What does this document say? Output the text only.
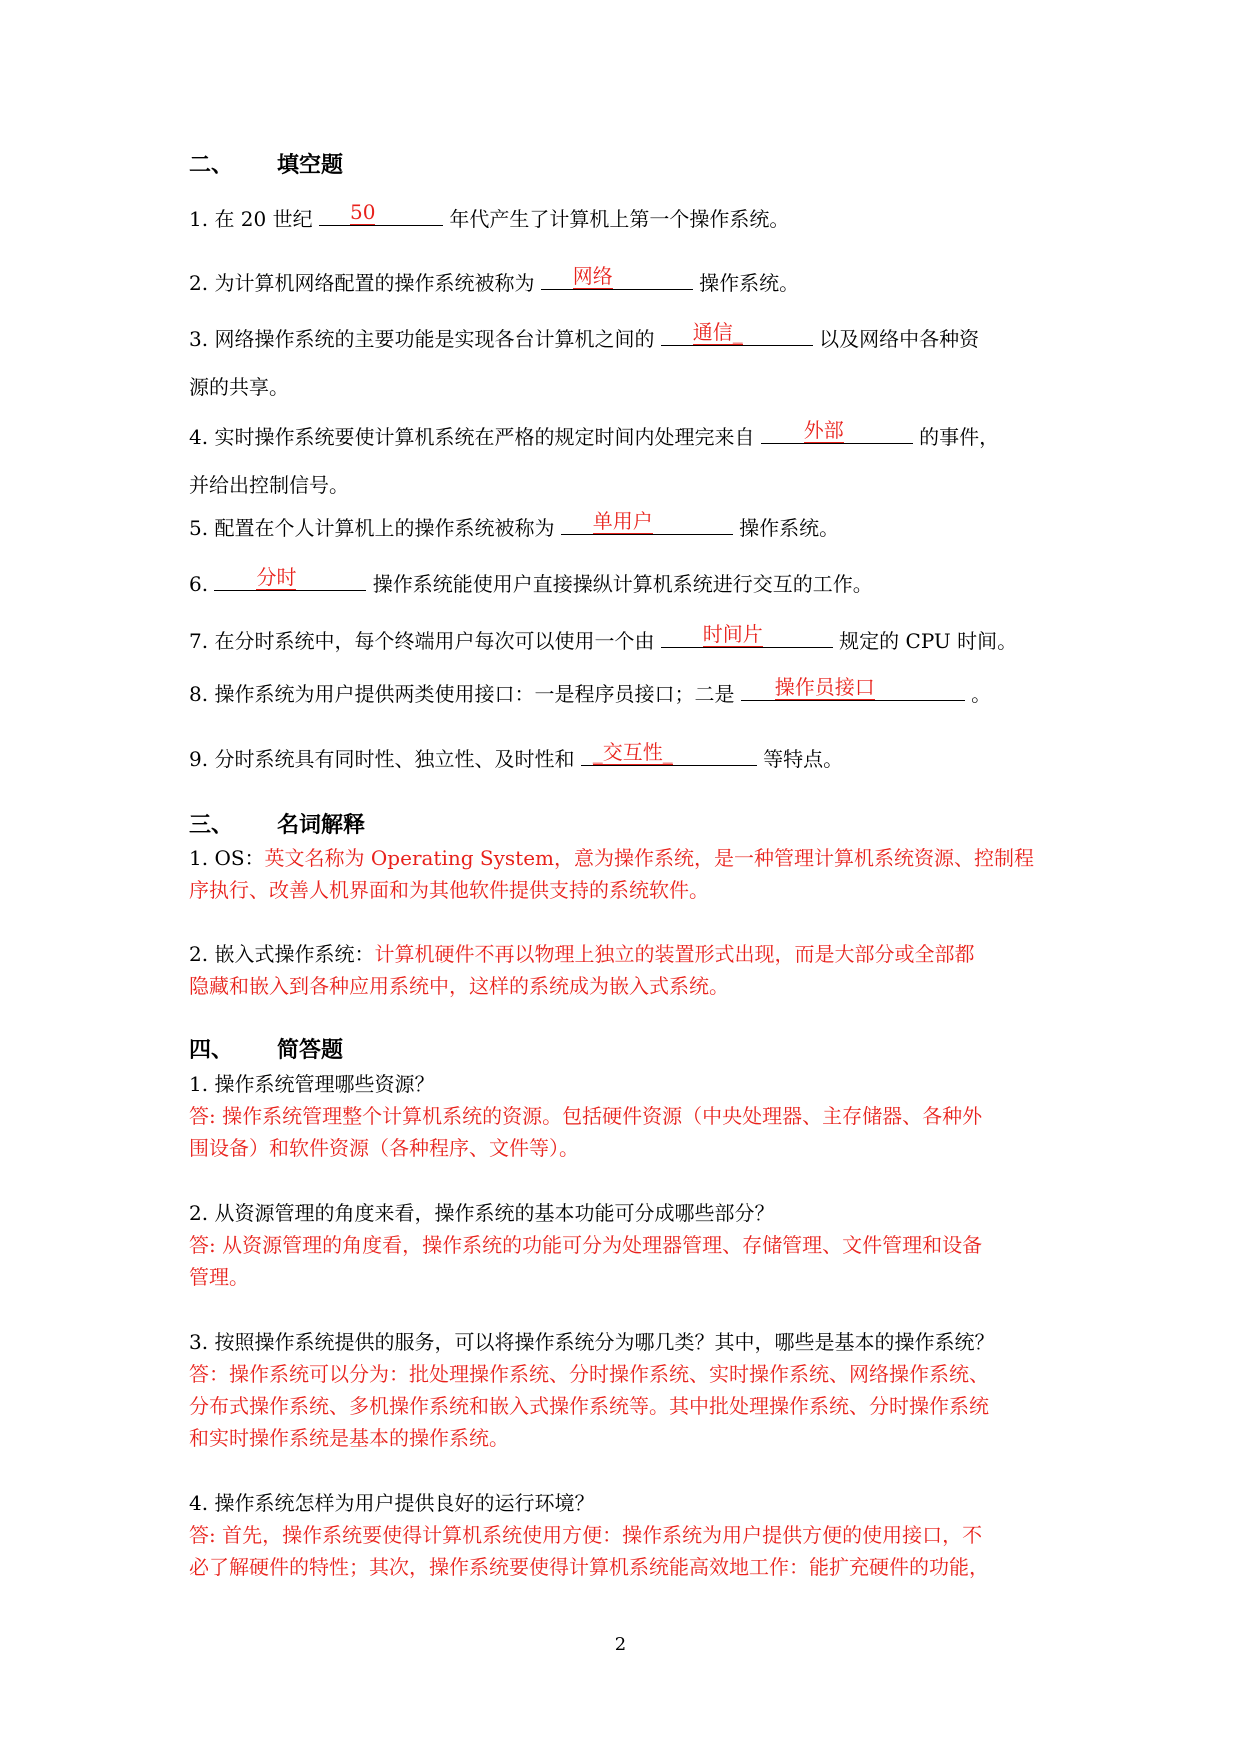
二、 填空题
1. 在 20 世纪 50	年代产生了计算机上第一个操作系统。
2. 为计算机网络配置的操作系统被称为 网络	操作系统。
3. 网络操作系统的主要功能是实现各台计算机之间的 通信_	以及网络中各种资
源的共享。
4. 实时操作系统要使计算机系统在严格的规定时间内处理完来自 外部	的事件，
并给出控制信号。
5. 配置在个人计算机上的操作系统被称为 单用户	操作系统。
6. 分时	操作系统能使用户直接操纵计算机系统进行交互的工作。
7. 在分时系统中，每个终端用户每次可以使用一个由 时间片	规定的 CPU 时间。
8. 操作系统为用户提供两类使用接口：一是程序员接口；二是 操作员接口	。
9. 分时系统具有同时性、独立性、及时性和 _交互性_	等特点。
三、 名词解释
1. OS：英文名称为 Operating System，意为操作系统，是一种管理计算机系统资源、控制程
序执行、改善人机界面和为其他软件提供支持的系统软件。
2. 嵌入式操作系统：计算机硬件不再以物理上独立的装置形式出现，而是大部分或全部都
隐藏和嵌入到各种应用系统中，这样的系统成为嵌入式系统。
四、 简答题
1. 操作系统管理哪些资源？
答: 操作系统管理整个计算机系统的资源。包括硬件资源（中央处理器、主存储器、各种外
围设备）和软件资源（各种程序、文件等）。
2. 从资源管理的角度来看，操作系统的基本功能可分成哪些部分？
答: 从资源管理的角度看，操作系统的功能可分为处理器管理、存储管理、文件管理和设备
管理。
3. 按照操作系统提供的服务，可以将操作系统分为哪几类？其中，哪些是基本的操作系统？
答：操作系统可以分为：批处理操作系统、分时操作系统、实时操作系统、网络操作系统、
分布式操作系统、多机操作系统和嵌入式操作系统等。其中批处理操作系统、分时操作系统
和实时操作系统是基本的操作系统。
4. 操作系统怎样为用户提供良好的运行环境？
答: 首先，操作系统要使得计算机系统使用方便：操作系统为用户提供方便的使用接口，不
必了解硬件的特性；其次，操作系统要使得计算机系统能高效地工作：能扩充硬件的功能，
2
